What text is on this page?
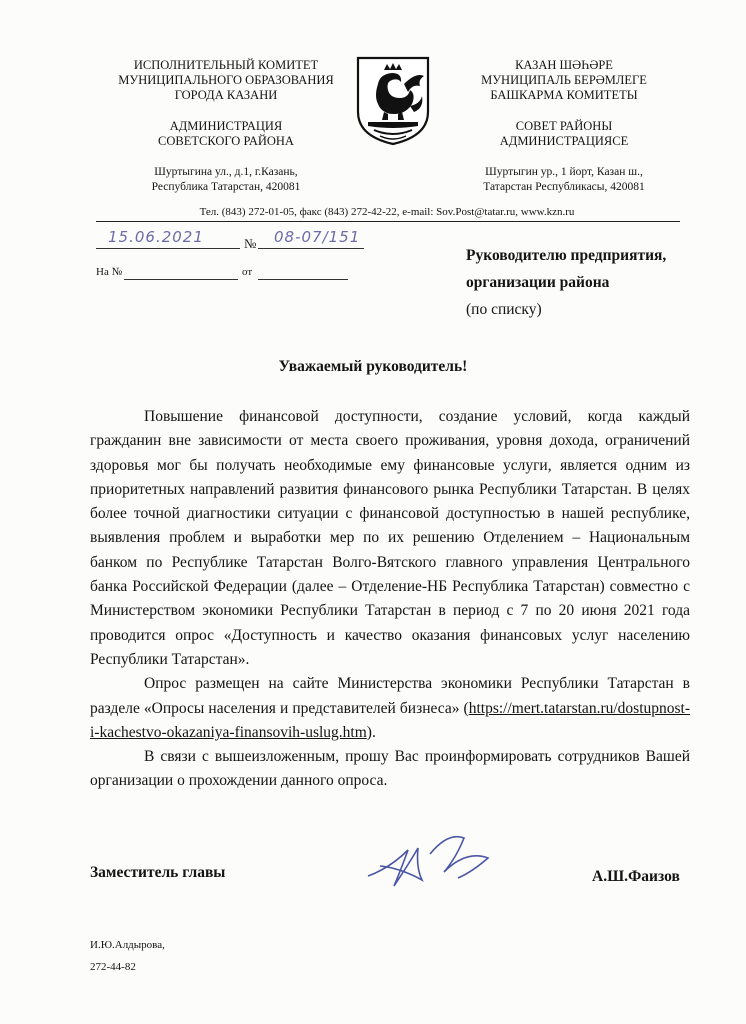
ИСПОЛНИТЕЛЬНЫЙ КОМИТЕТ
МУНИЦИПАЛЬНОГО ОБРАЗОВАНИЯ
ГОРОДА КАЗАНИ
АДМИНИСТРАЦИЯ
СОВЕТСКОГО РАЙОНА
Шуртыгина ул., д.1, г.Казань,
Республика Татарстан, 420081
КАЗАН ШӘҺӘРЕ
МУНИЦИПАЛЬ БЕРӘМЛЕГЕ
БАШКАРМА КОМИТЕТЫ
СОВЕТ РАЙОНЫ
АДМИНИСТРАЦИЯСЕ
Шуртыгин ур., 1 йорт, Казан ш.,
Татарстан Республикасы, 420081
Тел. (843) 272-01-05, факс (843) 272-42-22, e-mail: Sov.Post@tatar.ru, www.kzn.ru
15.06.2021	№ 08-07/151
На №	от
Руководителю предприятия,
организации района
(по списку)
Уважаемый руководитель!

Повышение финансовой доступности, создание условий, когда каждый гражданин вне зависимости от места своего проживания, уровня дохода, ограничений здоровья мог бы получать необходимые ему финансовые услуги, является одним из приоритетных направлений развития финансового рынка Республики Татарстан. В целях более точной диагностики ситуации с финансовой доступностью в нашей республике, выявления проблем и выработки мер по их решению Отделением – Национальным банком по Республике Татарстан Волго-Вятского главного управления Центрального банка Российской Федерации (далее – Отделение-НБ Республика Татарстан) совместно с Министерством экономики Республики Татарстан в период с 7 по 20 июня 2021 года проводится опрос «Доступность и качество оказания финансовых услуг населению Республики Татарстан».

Опрос размещен на сайте Министерства экономики Республики Татарстан в разделе «Опросы населения и представителей бизнеса» (https://mert.tatarstan.ru/dostupnost-i-kachestvo-okazaniya-finansovih-uslug.htm).

В связи с вышеизложенным, прошу Вас проинформировать сотрудников Вашей организации о прохождении данного опроса.

Заместитель главы	А.Ш.Фаизов
И.Ю.Алдырова,
272-44-82
